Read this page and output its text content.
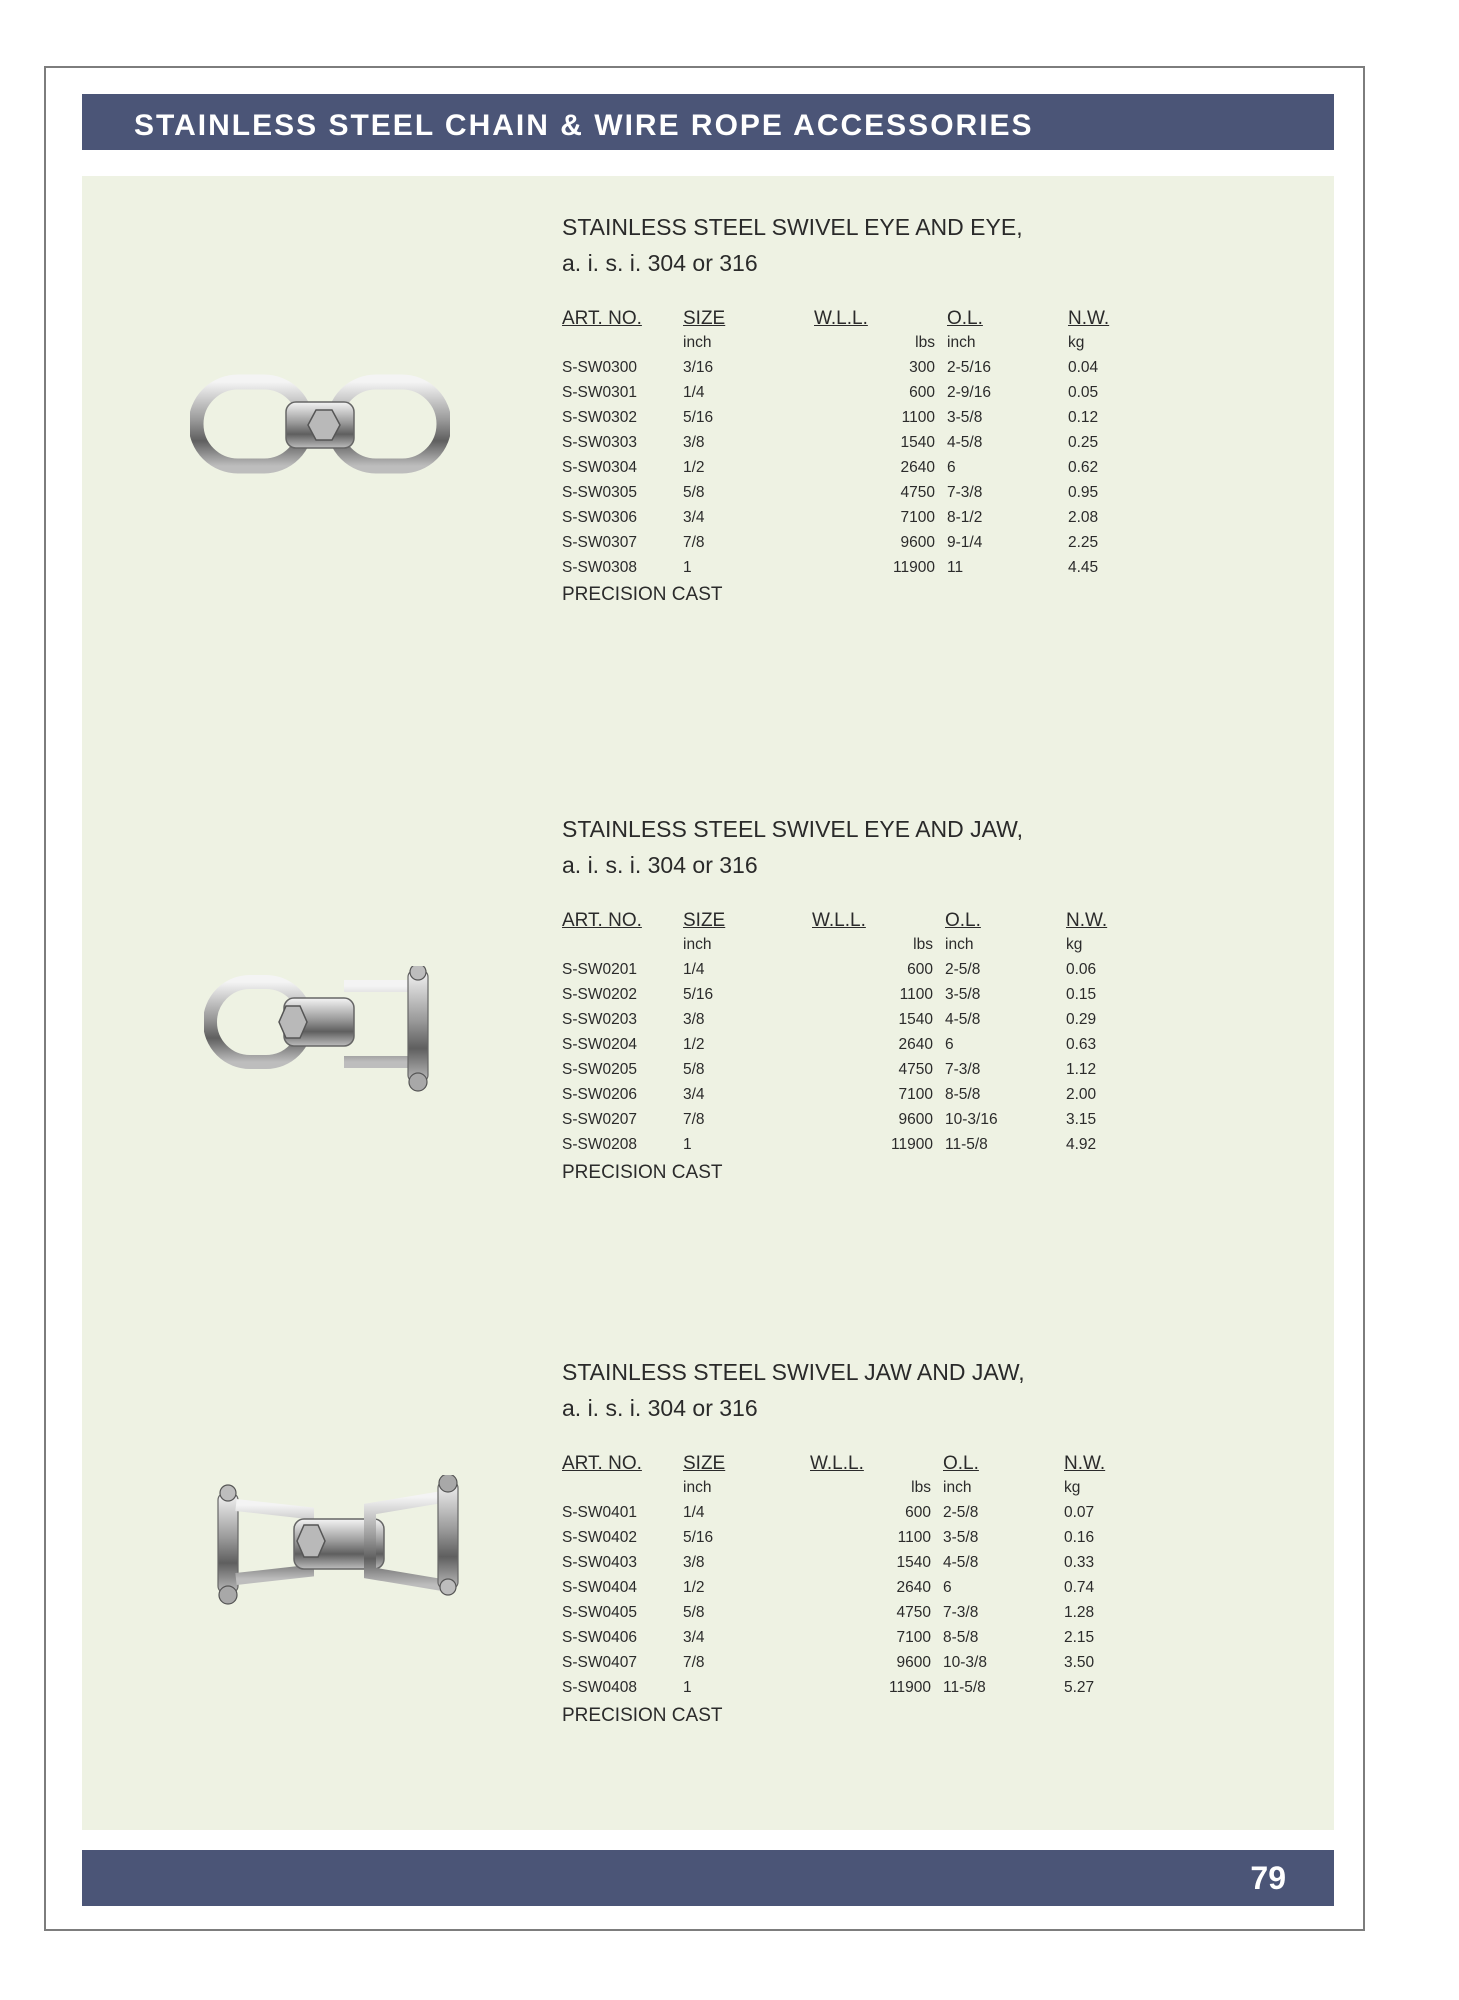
STAINLESS STEEL CHAIN & WIRE ROPE ACCESSORIES
STAINLESS STEEL SWIVEL EYE AND EYE,
a. i. s. i. 304 or 316
ART. NO.	SIZE	W.L.L.	O.L.	N.W.
	inch	lbs	inch	kg
S-SW0300	3/16	300	2-5/16	0.04
S-SW0301	1/4	600	2-9/16	0.05
S-SW0302	5/16	1100	3-5/8	0.12
S-SW0303	3/8	1540	4-5/8	0.25
S-SW0304	1/2	2640	6	0.62
S-SW0305	5/8	4750	7-3/8	0.95
S-SW0306	3/4	7100	8-1/2	2.08
S-SW0307	7/8	9600	9-1/4	2.25
S-SW0308	1	11900	11	4.45
PRECISION CAST
STAINLESS STEEL SWIVEL EYE AND JAW,
a. i. s. i. 304 or 316
ART. NO.	SIZE	W.L.L.	O.L.	N.W.
	inch	lbs	inch	kg
S-SW0201	1/4	600	2-5/8	0.06
S-SW0202	5/16	1100	3-5/8	0.15
S-SW0203	3/8	1540	4-5/8	0.29
S-SW0204	1/2	2640	6	0.63
S-SW0205	5/8	4750	7-3/8	1.12
S-SW0206	3/4	7100	8-5/8	2.00
S-SW0207	7/8	9600	10-3/16	3.15
S-SW0208	1	11900	11-5/8	4.92
PRECISION CAST
STAINLESS STEEL SWIVEL JAW AND JAW,
a. i. s. i. 304 or 316
ART. NO.	SIZE	W.L.L.	O.L.	N.W.
	inch	lbs	inch	kg
S-SW0401	1/4	600	2-5/8	0.07
S-SW0402	5/16	1100	3-5/8	0.16
S-SW0403	3/8	1540	4-5/8	0.33
S-SW0404	1/2	2640	6	0.74
S-SW0405	5/8	4750	7-3/8	1.28
S-SW0406	3/4	7100	8-5/8	2.15
S-SW0407	7/8	9600	10-3/8	3.50
S-SW0408	1	11900	11-5/8	5.27
PRECISION CAST
79
